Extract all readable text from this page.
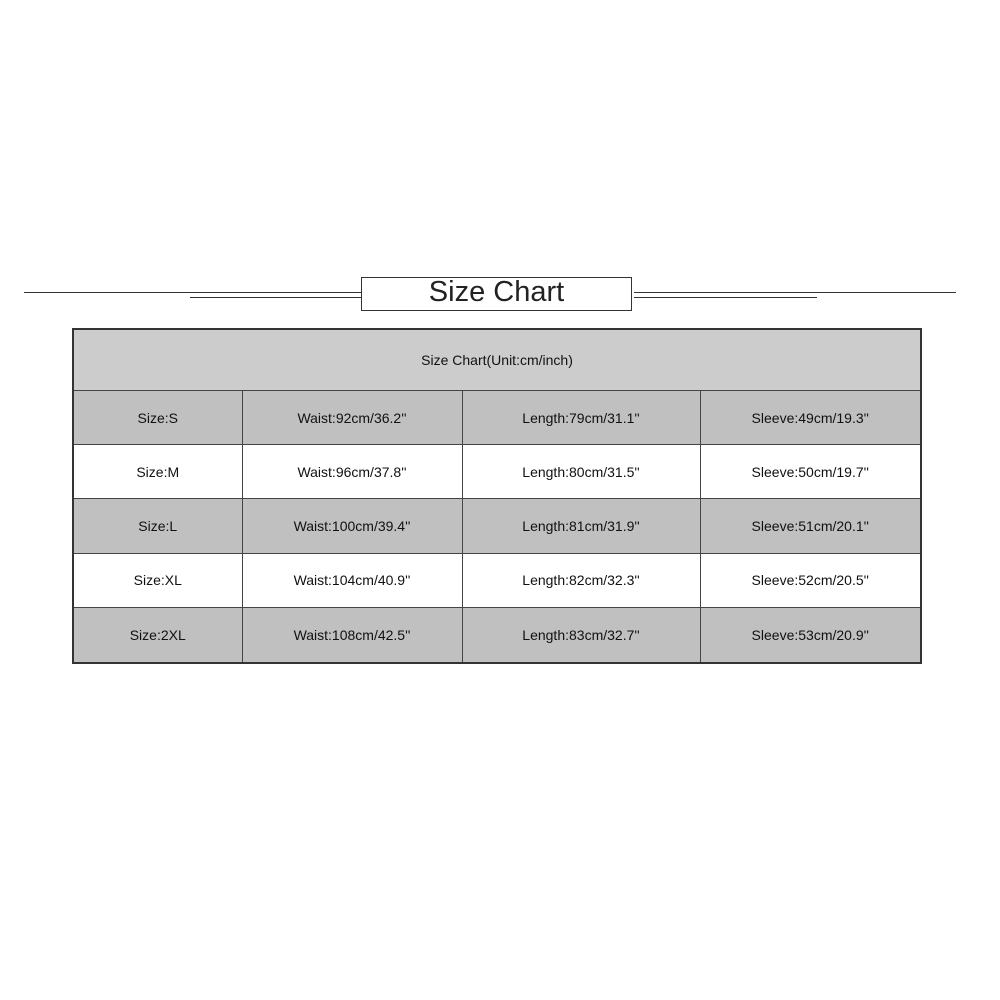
Size Chart
Size Chart(Unit:cm/inch)			
Size:S	Waist:92cm/36.2''	Length:79cm/31.1''	Sleeve:49cm/19.3''
Size:M	Waist:96cm/37.8''	Length:80cm/31.5''	Sleeve:50cm/19.7''
Size:L	Waist:100cm/39.4''	Length:81cm/31.9''	Sleeve:51cm/20.1''
Size:XL	Waist:104cm/40.9''	Length:82cm/32.3''	Sleeve:52cm/20.5''
Size:2XL	Waist:108cm/42.5''	Length:83cm/32.7''	Sleeve:53cm/20.9''
